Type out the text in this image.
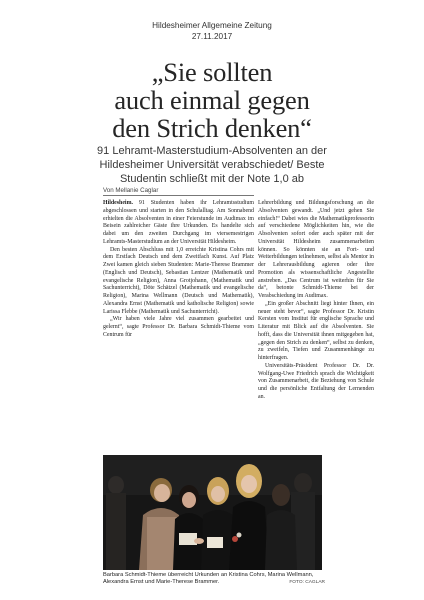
Hildesheimer Allgemeine Zeitung
27.11.2017
„Sie sollten
auch einmal gegen
den Strich denken“
91 Lehramt-Masterstudium-Absolventen an der Hildesheimer Universität verabschiedet/ Beste Studentin schließt mit der Note 1,0 ab
Von Mellanie Caglar

Hildesheim. 91 Studenten haben ihr Lehramtsstudium abgeschlossen und starten in den Schulalltag. Am Sonnabend erhielten die Absolventen in einer Feierstunde im Audimax im Beisein zahlreicher Gäste ihre Urkunden. Es handelte sich dabei um den zweiten Durchgang im viersemestrigen Lehramts-Masterstudium an der Universität Hildesheim.

Den besten Abschluss mit 1,0 erreichte Kristina Cohrs mit dem Erstfach Deutsch und dem Zweitfach Kunst. Auf Platz Zwei kamen gleich sieben Studenten: Marie-Therese Brammer (Englisch und Deutsch), Sebastian Lentzer (Mathematik und evangelische Religion), Anna Grotjohann, (Mathematik und Sachunterricht), Döte Schätzel (Mathematik und evangelische Religion), Marina Wellmann (Deutsch und Mathematik), Alexandra Ernst (Mathematik und katholische Religion) sowie Larissa Flebbe (Mathematik und Sachunterricht).

„Wir haben viele Jahre viel zusammen gearbeitet und gelernt“, sagte Professor Dr. Barbara Schmidt-Thieme vom Centrum für

Lehrerbildung und Bildungsforschung an die Absolventen gewandt. „Und jetzt gehen Sie einfach!“ Dabei wies die Mathematikprofessorin auf verschiedene Möglichkeiten hin, wie die Absolventen sofort oder auch später mit der Universität Hildesheim zusammenarbeiten können. So könnten sie an Fort- und Weiterbildungen teilnehmen, selbst als Mentor in der Lehrerausbildung agieren oder ihre Promotion als wissenschaftliche Angestellte anstreben. „Das Centrum ist weiterhin für Sie da“, betonte Schmidt-Thieme bei der Verabschiedung im Audimax.

„Ein großer Abschnitt liegt hinter Ihnen, ein neuer steht bevor“, sagte Professor Dr. Kristin Kersten vom Institut für englische Sprache und Literatur mit Blick auf die Absolventen. Sie hofft, dass die Universität ihnen mitgegeben hat, „gegen den Strich zu denken“, selbst zu denken, zu zweifeln, Tiefen und Zusammenhänge zu hinterfragen.

Universitäts-Präsident Professor Dr. Dr. Wolfgang-Uwe Friedrich sprach die Wichtigkeit von Zusammenarbeit, die Beziehung von Schule und die persönliche Entfaltung der Lernenden an.

Barbara Schmidt-Thieme überreicht Urkunden an Kristina Cohrs, Marina Wellmann, Alexandra Ernst und Marie-Therese Brammer.	FOTO: CAGLAR
